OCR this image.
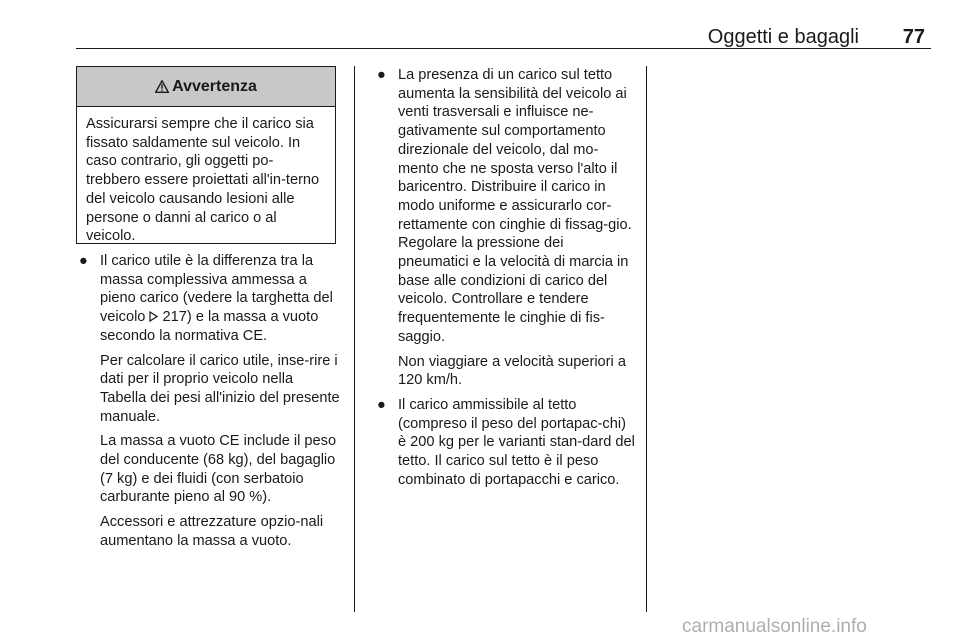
Oggetti e bagagli 77
Avvertenza
Assicurarsi sempre che il carico sia fissato saldamente sul veicolo. In caso contrario, gli oggetti po-trebbero essere proiettati all'in-terno del veicolo causando lesioni alle persone o danni al carico o al veicolo.
● Il carico utile è la differenza tra la massa complessiva ammessa a pieno carico (vedere la targhetta del veicolo  217) e la massa a vuoto secondo la normativa CE.

Per calcolare il carico utile, inse-rire i dati per il proprio veicolo nella Tabella dei pesi all'inizio del presente manuale.

La massa a vuoto CE include il peso del conducente (68 kg), del bagaglio (7 kg) e dei fluidi (con serbatoio carburante pieno al 90 %).

Accessori e attrezzature opzio-nali aumentano la massa a vuoto.

● La presenza di un carico sul tetto aumenta la sensibilità del veicolo ai venti trasversali e influisce ne-gativamente sul comportamento direzionale del veicolo, dal mo-mento che ne sposta verso l'alto il baricentro. Distribuire il carico in modo uniforme e assicurarlo cor-rettamente con cinghie di fissag-gio. Regolare la pressione dei pneumatici e la velocità di marcia in base alle condizioni di carico del veicolo. Controllare e tendere frequentemente le cinghie di fis-saggio.

Non viaggiare a velocità superiori a 120 km/h.

● Il carico ammissibile al tetto (compreso il peso del portapac-chi) è 200 kg per le varianti stan-dard del tetto. Il carico sul tetto è il peso combinato di portapacchi e carico.

carmanualsonline.info
